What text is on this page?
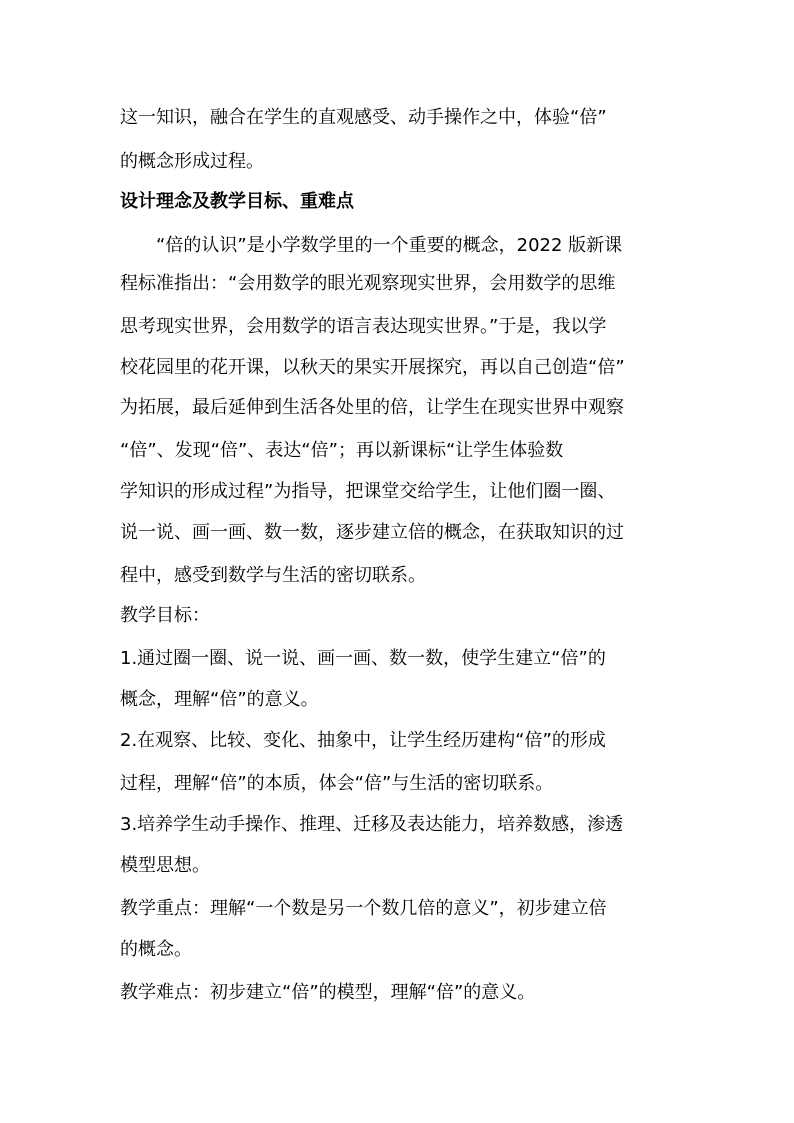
这一知识，融合在学生的直观感受、动手操作之中，体验“倍”
的概念形成过程。
设计理念及教学目标、重难点
　　“倍的认识”是小学数学里的一个重要的概念，2022 版新课
程标准指出：“会用数学的眼光观察现实世界，会用数学的思维
思考现实世界，会用数学的语言表达现实世界。”于是，我以学
校花园里的花开课，以秋天的果实开展探究，再以自己创造“倍”
为拓展，最后延伸到生活各处里的倍，让学生在现实世界中观察
“倍”、发现“倍”、表达“倍”；再以新课标“让学生体验数
学知识的形成过程”为指导，把课堂交给学生，让他们圈一圈、
说一说、画一画、数一数，逐步建立倍的概念，在获取知识的过
程中，感受到数学与生活的密切联系。
教学目标：
1.通过圈一圈、说一说、画一画、数一数，使学生建立“倍”的
概念，理解“倍”的意义。
2.在观察、比较、变化、抽象中，让学生经历建构“倍”的形成
过程，理解“倍”的本质，体会“倍”与生活的密切联系。
3.培养学生动手操作、推理、迁移及表达能力，培养数感，渗透
模型思想。
教学重点：理解“一个数是另一个数几倍的意义”，初步建立倍
的概念。
教学难点：初步建立“倍”的模型，理解“倍”的意义。
